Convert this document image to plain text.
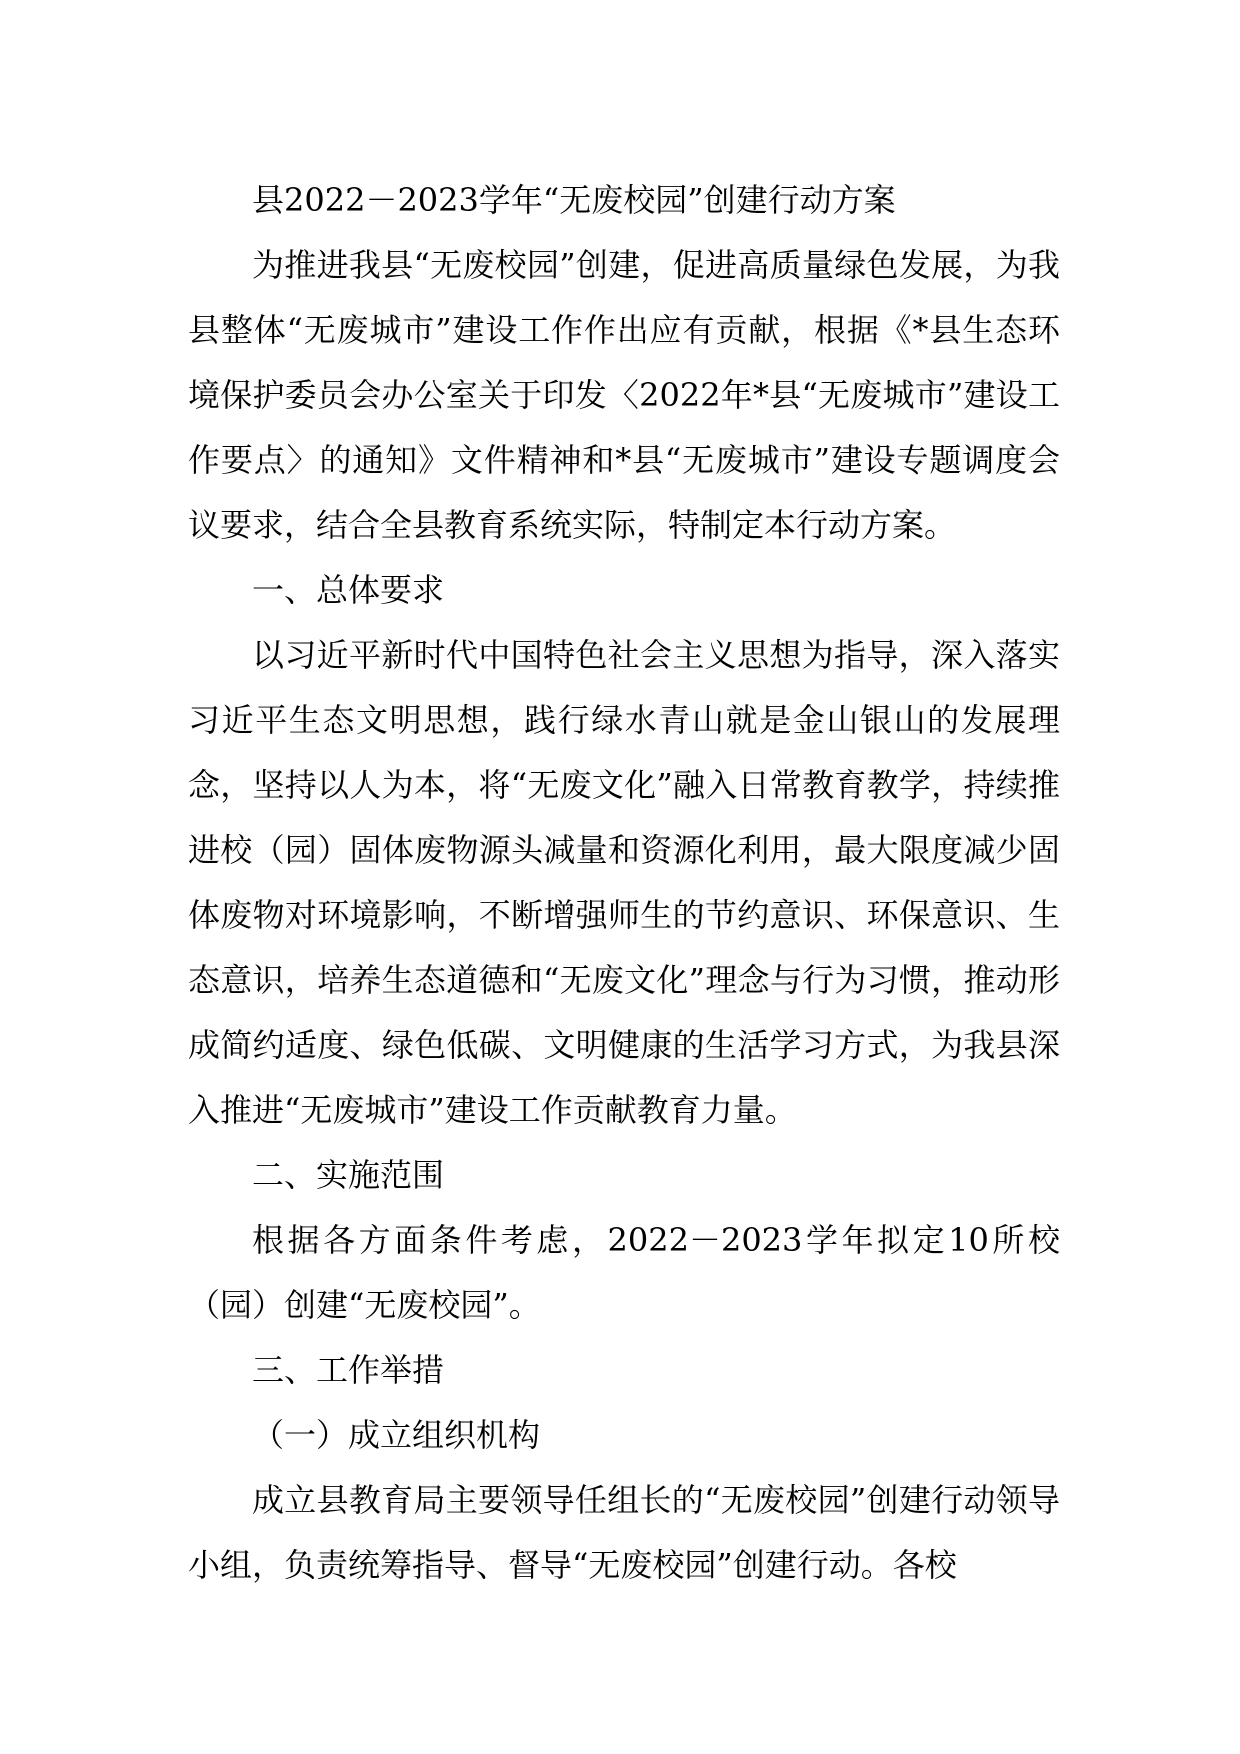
县2022－2023学年“无废校园”创建行动方案

为推进我县“无废校园”创建，促进高质量绿色发展，为我县整体“无废城市”建设工作作出应有贡献，根据《*县生态环境保护委员会办公室关于印发〈2022年*县“无废城市”建设工作要点〉的通知》文件精神和*县“无废城市”建设专题调度会议要求，结合全县教育系统实际，特制定本行动方案。

一、总体要求

以习近平新时代中国特色社会主义思想为指导，深入落实习近平生态文明思想，践行绿水青山就是金山银山的发展理念，坚持以人为本，将“无废文化”融入日常教育教学，持续推进校（园）固体废物源头减量和资源化利用，最大限度减少固体废物对环境影响，不断增强师生的节约意识、环保意识、生态意识，培养生态道德和“无废文化”理念与行为习惯，推动形成简约适度、绿色低碳、文明健康的生活学习方式，为我县深入推进“无废城市”建设工作贡献教育力量。

二、实施范围

根据各方面条件考虑，2022－2023学年拟定10所校（园）创建“无废校园”。

三、工作举措

（一）成立组织机构

成立县教育局主要领导任组长的“无废校园”创建行动领导小组，负责统筹指导、督导“无废校园”创建行动。各校
